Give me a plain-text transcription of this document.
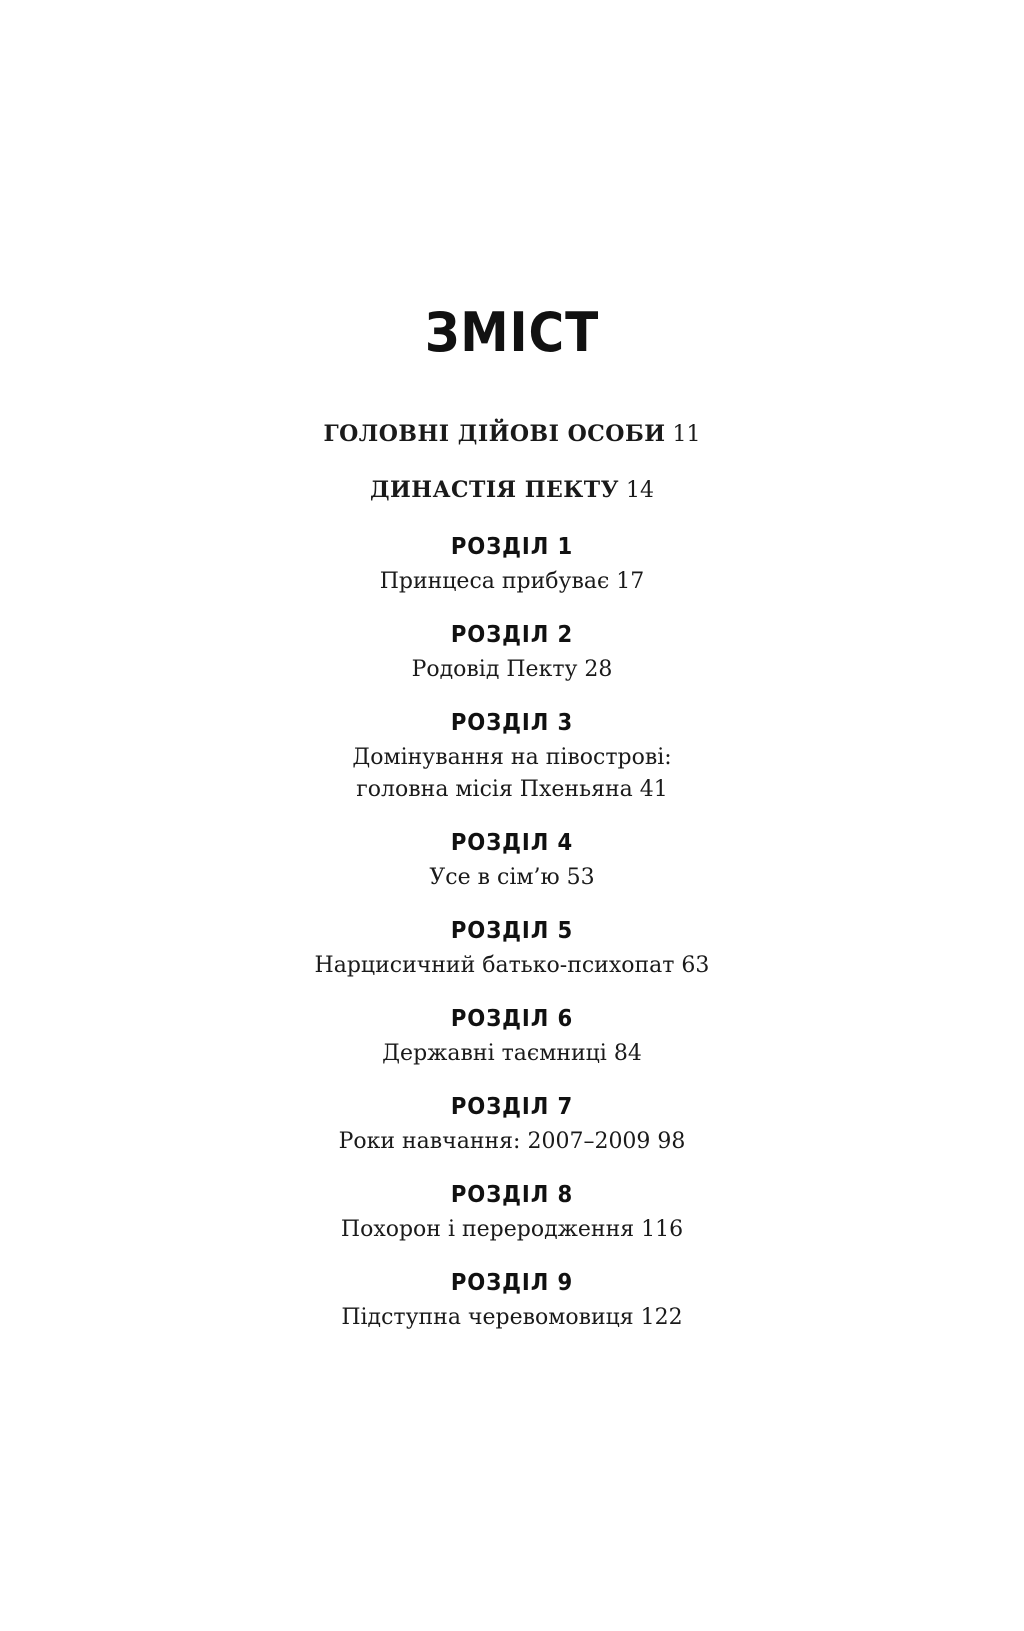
ЗМІСТ
ГОЛОВНІ ДІЙОВІ ОСОБИ 11
ДИНАСТІЯ ПЕКТУ 14
РОЗДІЛ 1
Принцеса прибуває 17
РОЗДІЛ 2
Родовід Пекту 28
РОЗДІЛ 3
Домінування на півострові:
головна місія Пхеньяна 41
РОЗДІЛ 4
Усе в сім’ю 53
РОЗДІЛ 5
Нарцисичний батько-психопат 63
РОЗДІЛ 6
Державні таємниці 84
РОЗДІЛ 7
Роки навчання: 2007–2009 98
РОЗДІЛ 8
Похорон і переродження 116
РОЗДІЛ 9
Підступна черевомовиця 122
